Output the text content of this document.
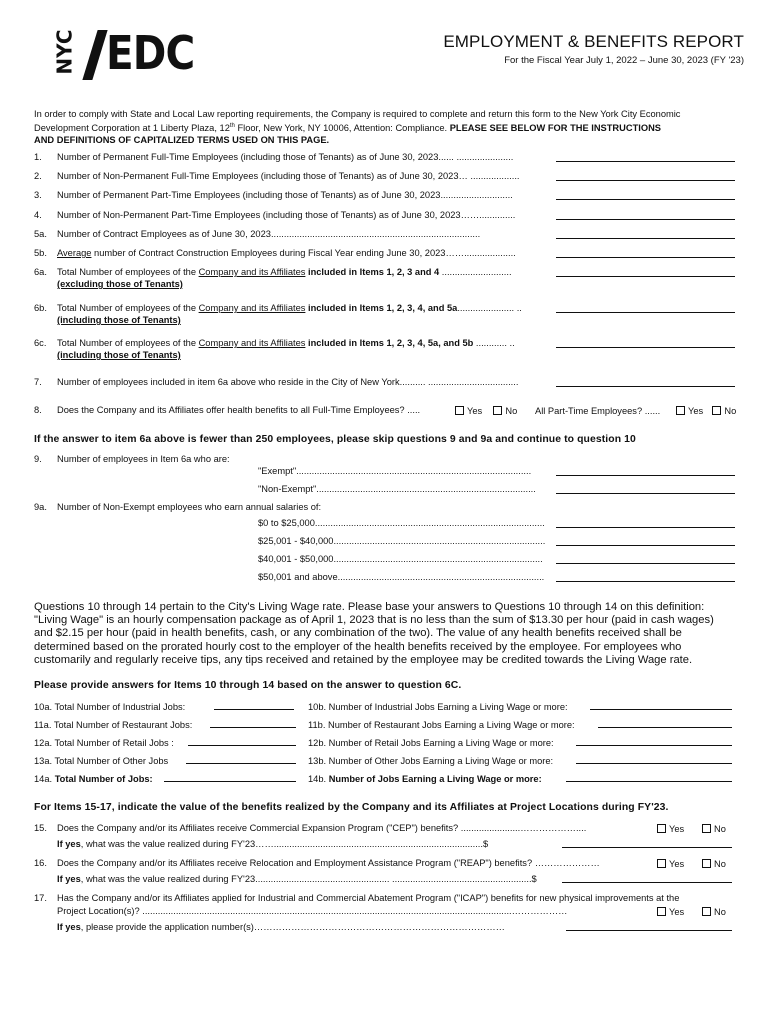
NYC EDC	EMPLOYMENT & BENEFITS REPORT
For the Fiscal Year July 1, 2022 – June 30, 2023 (FY '23)
In order to comply with State and Local Law reporting requirements, the Company is required to complete and return this form to the New York City Economic
Development Corporation at 1 Liberty Plaza, 12th Floor, New York, NY 10006, Attention: Compliance. PLEASE SEE BELOW FOR THE INSTRUCTIONS
AND DEFINITIONS OF CAPITALIZED TERMS USED ON THIS PAGE.
1. Number of Permanent Full-Time Employees (including those of Tenants) as of June 30, 2023...... ......................
2. Number of Non-Permanent Full-Time Employees (including those of Tenants) as of June 30, 2023… ...................
3. Number of Permanent Part-Time Employees (including those of Tenants) as of June 30, 2023............................
4. Number of Non-Permanent Part-Time Employees (including those of Tenants) as of June 30, 2023……..............
5a. Number of Contract Employees as of June 30, 2023.................................................................................
5b. Average number of Contract Construction Employees during Fiscal Year ending June 30, 2023……....................
6a. Total Number of employees of the Company and its Affiliates included in Items 1, 2, 3 and 4 ...........................
(excluding those of Tenants)
6b. Total Number of employees of the Company and its Affiliates included in Items 1, 2, 3, 4, and 5a...................... ..
(including those of Tenants)
6c. Total Number of employees of the Company and its Affiliates included in Items 1, 2, 3, 4, 5a, and 5b ............ ..
(including those of Tenants)
7. Number of employees included in item 6a above who reside in the City of New York.......... ...................................
8. Does the Company and its Affiliates offer health benefits to all Full-Time Employees? .....	Yes No All Part-Time Employees? ......	Yes No
If the answer to item 6a above is fewer than 250 employees, please skip questions 9 and 9a and continue to question 10
9. Number of employees in Item 6a who are:
"Exempt"...........................................................................................
"Non-Exempt".....................................................................................
9a. Number of Non-Exempt employees who earn annual salaries of:
$0 to $25,000.........................................................................................
$25,001 - $40,000..................................................................................
$40,001 - $50,000.................................................................................
$50,001 and above................................................................................
Questions 10 through 14 pertain to the City's Living Wage rate. Please base your answers to Questions 10 through 14 on this definition:
"Living Wage" is an hourly compensation package as of April 1, 2023 that is no less than the sum of $13.30 per hour (paid in cash wages)
and $2.15 per hour (paid in health benefits, cash, or any combination of the two). The value of any health benefits received shall be
determined based on the prorated hourly cost to the employer of the health benefits received by the employee. For employees who
customarily and regularly receive tips, any tips received and retained by the employee may be credited towards the Living Wage rate.
Please provide answers for Items 10 through 14 based on the answer to question 6C.
10a. Total Number of Industrial Jobs:	10b. Number of Industrial Jobs Earning a Living Wage or more:
11a. Total Number of Restaurant Jobs:	11b. Number of Restaurant Jobs Earning a Living Wage or more:
12a. Total Number of Retail Jobs :	12b. Number of Retail Jobs Earning a Living Wage or more:
13a. Total Number of Other Jobs	13b. Number of Other Jobs Earning a Living Wage or more:
14a. Total Number of Jobs:	14b. Number of Jobs Earning a Living Wage or more:
For Items 15-17, indicate the value of the benefits realized by the Company and its Affiliates at Project Locations during FY'23.
15. Does the Company and/or its Affiliates receive Commercial Expansion Program ("CEP") benefits? .......................………………....	Yes	No
If yes, what was the value realized during FY'23…….................................................................................$
16. Does the Company and/or its Affiliates receive Relocation and Employment Assistance Program ("REAP") benefits? …………………	Yes	No
If yes, what was the value realized during FY'23.................................................... ......................................................$
17. Has the Company and/or its Affiliates applied for Industrial and Commercial Abatement Program ("ICAP") benefits for new physical improvements at the
Project Location(s)? ...............................................................................................................................................………………	Yes	No
If yes, please provide the application number(s)………………………………………………………………………
